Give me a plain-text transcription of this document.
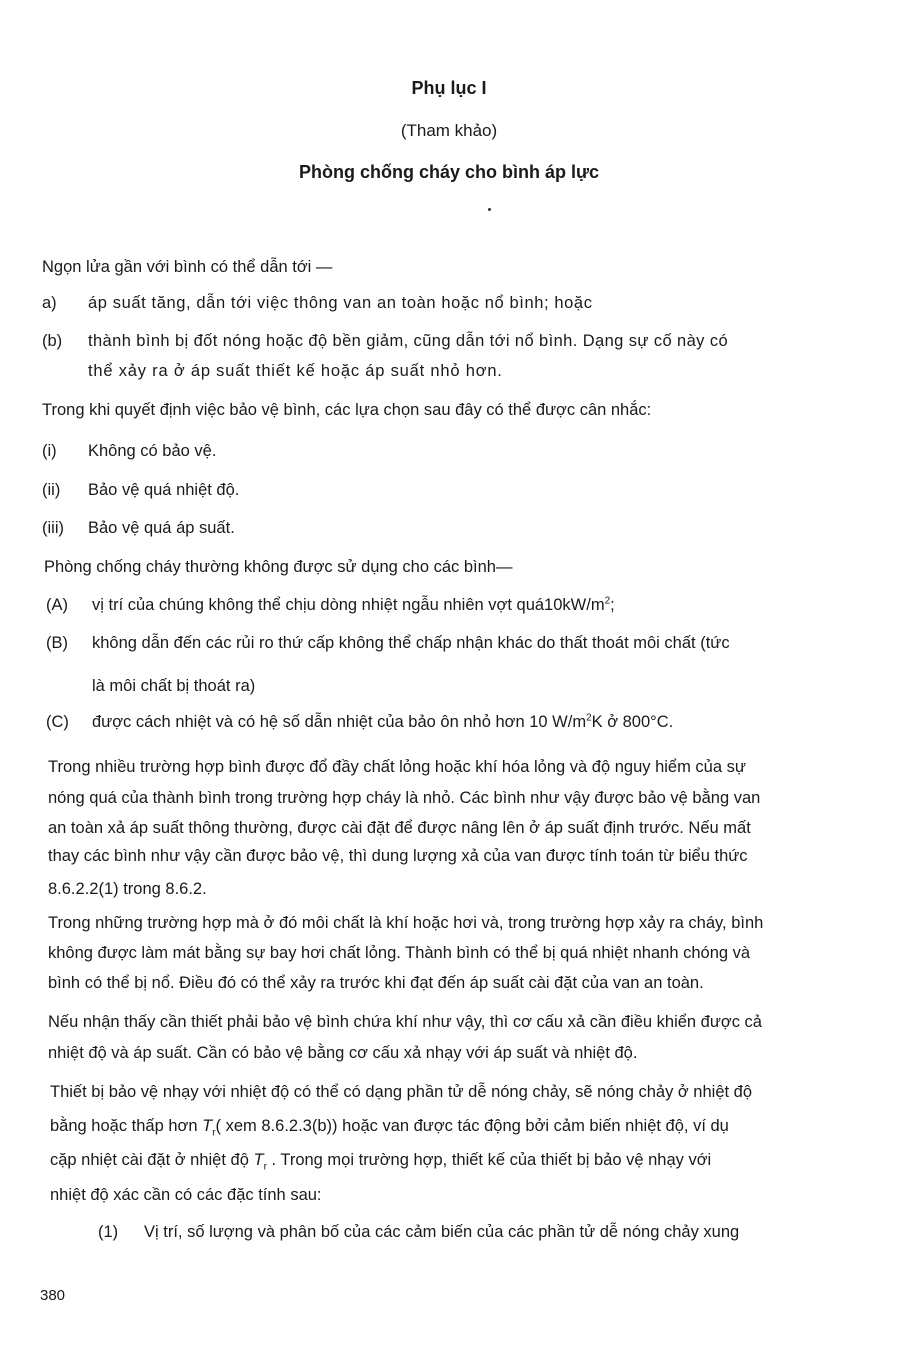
Phụ lục I
(Tham khảo)
Phòng chống cháy cho bình áp lực
Ngọn lửa gần với bình có thể dẫn tới —
a) áp suất tăng, dẫn tới việc thông van an toàn hoặc nổ bình; hoặc
(b) thành bình bị đốt nóng hoặc độ bền giảm, cũng dẫn tới nổ bình. Dạng sự cố này có
thể xảy ra ở áp suất thiết kế hoặc áp suất nhỏ hơn.
Trong khi quyết định việc bảo vệ bình, các lựa chọn sau đây có thể được cân nhắc:
(i) Không có bảo vệ.
(ii) Bảo vệ quá nhiệt độ.
(iii) Bảo vệ quá áp suất.
Phòng chống cháy thường không được sử dụng cho các bình—
(A) vị trí của chúng không thể chịu dòng nhiệt ngẫu nhiên vợt $quá10kW/m^2$;
(B) không dẫn đến các rủi ro thứ cấp không thể chấp nhận khác do thất thoát môi chất (tức
là môi chất bị thoát ra)
(C) được cách nhiệt và có hệ số dẫn nhiệt của bảo ôn nhỏ hơn 10 $W/m^2K$ ở 800°C.
Trong nhiều trường hợp bình được đổ đầy chất lỏng hoặc khí hóa lỏng và độ nguy hiểm của sự
nóng quá của thành bình trong trường hợp cháy là nhỏ. Các bình như vậy được bảo vệ bằng van
an toàn xả áp suất thông thường, được cài đặt để được nâng lên ở áp suất định trước. Nếu mất
thay các bình như vậy cần được bảo vệ, thì dung lượng xả của van được tính toán từ biểu thức
8.6.2.2(1) trong 8.6.2.
Trong những trường hợp mà ở đó môi chất là khí hoặc hơi và, trong trường hợp xảy ra cháy, bình
không được làm mát bằng sự bay hơi chất lỏng. Thành bình có thể bị quá nhiệt nhanh chóng và
bình có thể bị nổ. Điều đó có thể xảy ra trước khi đạt đến áp suất cài đặt của van an toàn.
Nếu nhận thấy cần thiết phải bảo vệ bình chứa khí như vậy, thì cơ cấu xả cần điều khiển được cả
nhiệt độ và áp suất. Cần có bảo vệ bằng cơ cấu xả nhạy với áp suất và nhiệt độ.
Thiết bị bảo vệ nhạy với nhiệt độ có thể có dạng phần tử dễ nóng chảy, sẽ nóng chảy ở nhiệt độ
bằng hoặc thấp hơn $T_r$( xem 8.6.2.3(b)) hoặc van được tác động bởi cảm biến nhiệt độ, ví dụ
cặp nhiệt cài đặt ở nhiệt độ $T_r$ . Trong mọi trường hợp, thiết kế của thiết bị bảo vệ nhạy với
nhiệt độ xác cần có các đặc tính sau:
(1) Vị trí, số lượng và phân bố của các cảm biến của các phần tử dễ nóng chảy xung
380
